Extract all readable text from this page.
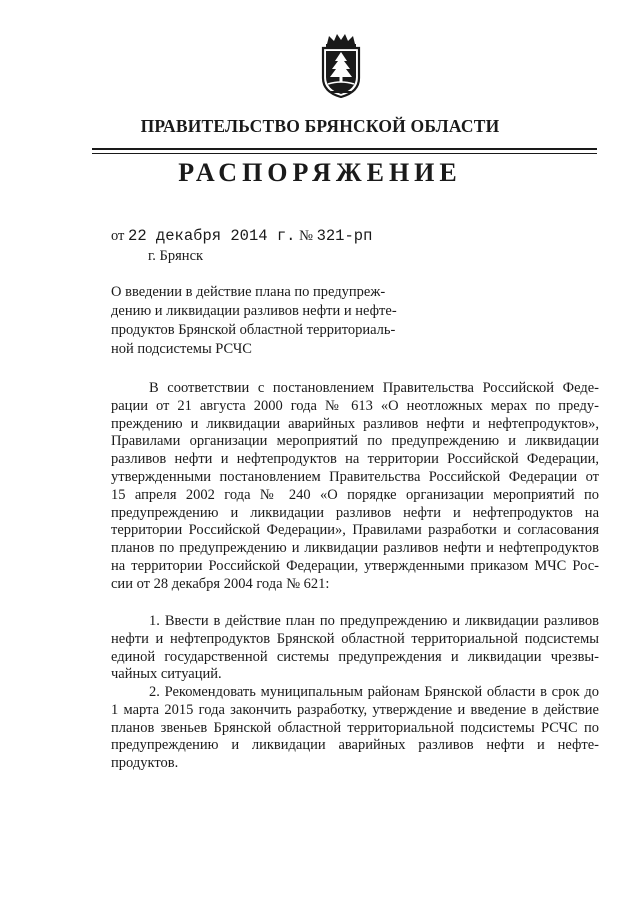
ПРАВИТЕЛЬСТВО БРЯНСКОЙ ОБЛАСТИ
РАСПОРЯЖЕНИЕ
от 22 декабря 2014 г. № 321-рп
г. Брянск
О введении в действие плана по предупреж-
дению и ликвидации разливов нефти и нефте-
продуктов Брянской областной территориаль-
ной подсистемы РСЧС
В соответствии с постановлением Правительства Российской Феде-
рации от 21 августа 2000 года № 613 «О неотложных мерах по преду-
преждению и ликвидации аварийных разливов нефти и нефтепродуктов»,
Правилами организации мероприятий по предупреждению и ликвидации
разливов нефти и нефтепродуктов на территории Российской Федерации,
утвержденными постановлением Правительства Российской Федерации от
15 апреля 2002 года № 240 «О порядке организации мероприятий по
предупреждению и ликвидации разливов нефти и нефтепродуктов на
территории Российской Федерации», Правилами разработки и согласования
планов по предупреждению и ликвидации разливов нефти и нефтепродуктов
на территории Российской Федерации, утвержденными приказом МЧС Рос-
сии от 28 декабря 2004 года № 621:
1. Ввести в действие план по предупреждению и ликвидации разливов
нефти и нефтепродуктов Брянской областной территориальной подсистемы
единой государственной системы предупреждения и ликвидации чрезвы-
чайных ситуаций.
2. Рекомендовать муниципальным районам Брянской области в срок до
1 марта 2015 года закончить разработку, утверждение и введение в действие
планов звеньев Брянской областной территориальной подсистемы РСЧС по
предупреждению и ликвидации аварийных разливов нефти и нефте-
продуктов.
